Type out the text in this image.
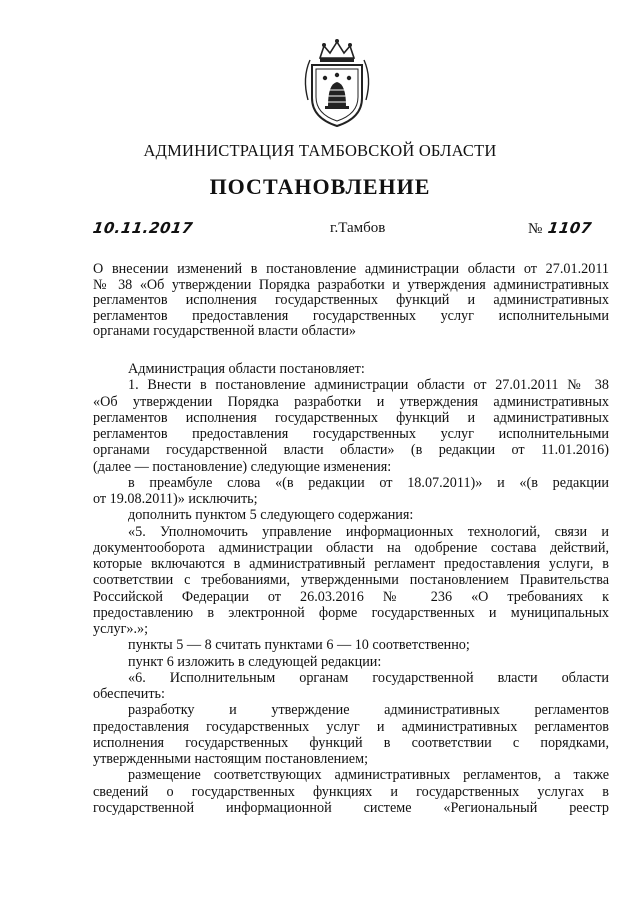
АДМИНИСТРАЦИЯ ТАМБОВСКОЙ ОБЛАСТИ
ПОСТАНОВЛЕНИЕ
10.11.2017	г.Тамбов	№ 1107

О внесении изменений в постановление администрации области от 27.01.2011

№ 38 «Об утверждении Порядка разработки и утверждения административных

регламентов исполнения государственных функций и административных

регламентов предоставления государственных услуг исполнительными

органами государственной власти области»

Администрация области постановляет:

1. Внести в постановление администрации области от 27.01.2011 № 38

«Об утверждении Порядка разработки и утверждения административных

регламентов исполнения государственных функций и административных

регламентов предоставления государственных услуг исполнительными

органами государственной власти области» (в редакции от 11.01.2016)

(далее — постановление) следующие изменения:

в преамбуле слова «(в редакции от 18.07.2011)» и «(в редакции

от 19.08.2011)» исключить;

дополнить пунктом 5 следующего содержания:

«5. Уполномочить управление информационных технологий, связи и

документооборота администрации области на одобрение состава действий,

которые включаются в административный регламент предоставления услуги, в

соответствии с требованиями, утвержденными постановлением Правительства

Российской Федерации от 26.03.2016 № 236 «О требованиях к

предоставлению в электронной форме государственных и муниципальных

услуг».»;

пункты 5 — 8 считать пунктами 6 — 10 соответственно;

пункт 6 изложить в следующей редакции:

«6. Исполнительным органам государственной власти области

обеспечить:

разработку и утверждение административных регламентов

предоставления государственных услуг и административных регламентов

исполнения государственных функций в соответствии с порядками,

утвержденными настоящим постановлением;

размещение соответствующих административных регламентов, а также

сведений о государственных функциях и государственных услугах в

государственной информационной системе «Региональный реестр
